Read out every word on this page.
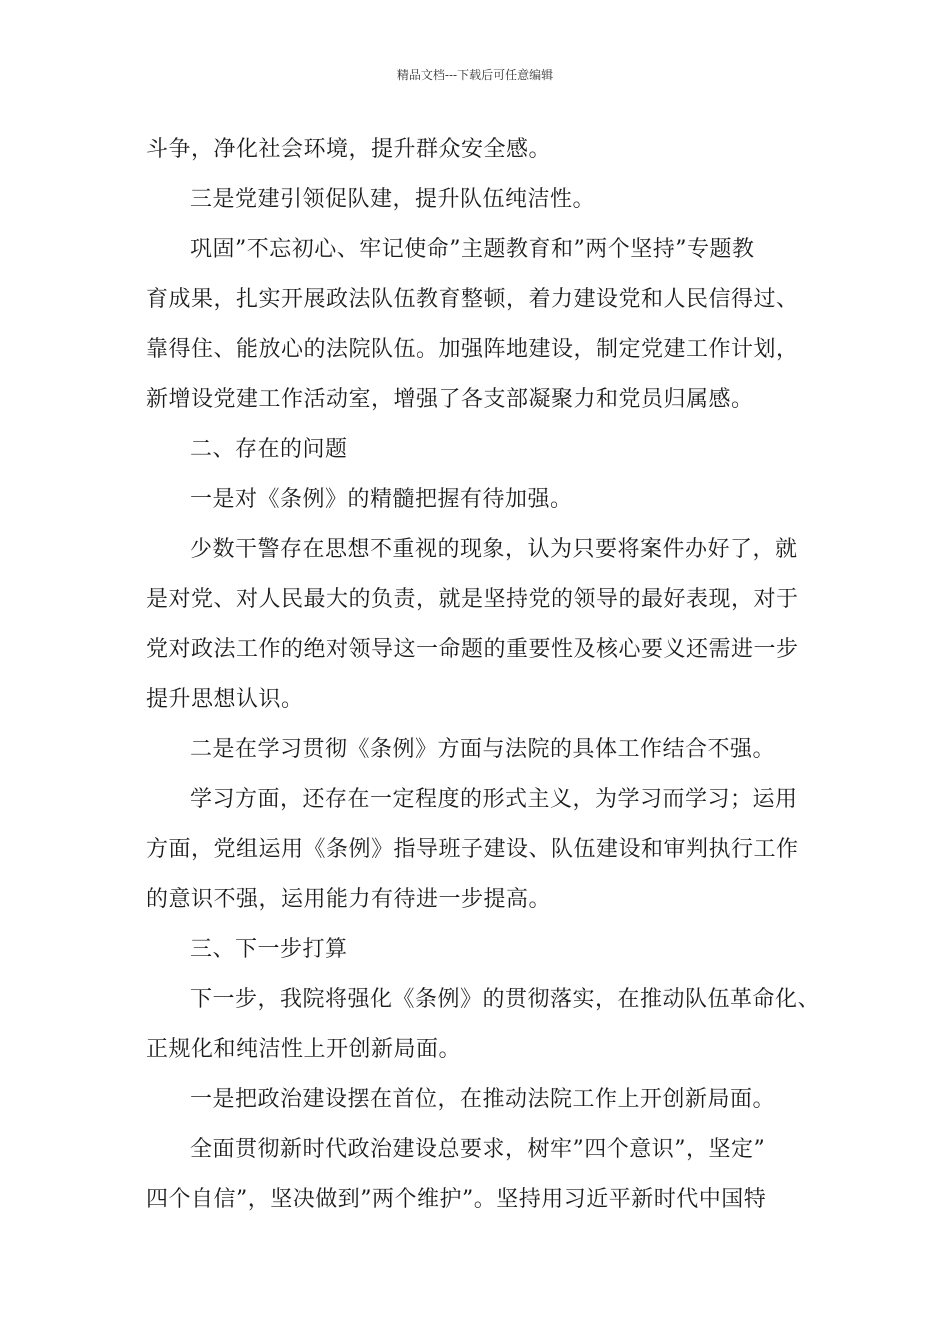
精品文档---下载后可任意编辑
斗争，净化社会环境，提升群众安全感。
三是党建引领促队建，提升队伍纯洁性。
巩固”不忘初心、牢记使命”主题教育和”两个坚持”专题教
育成果，扎实开展政法队伍教育整顿，着力建设党和人民信得过、
靠得住、能放心的法院队伍。加强阵地建设，制定党建工作计划，
新增设党建工作活动室，增强了各支部凝聚力和党员归属感。
二、存在的问题
一是对《条例》的精髓把握有待加强。
少数干警存在思想不重视的现象，认为只要将案件办好了，就
是对党、对人民最大的负责，就是坚持党的领导的最好表现，对于
党对政法工作的绝对领导这一命题的重要性及核心要义还需进一步
提升思想认识。
二是在学习贯彻《条例》方面与法院的具体工作结合不强。
学习方面，还存在一定程度的形式主义，为学习而学习；运用
方面，党组运用《条例》指导班子建设、队伍建设和审判执行工作
的意识不强，运用能力有待进一步提高。
三、下一步打算
下一步，我院将强化《条例》的贯彻落实，在推动队伍革命化、
正规化和纯洁性上开创新局面。
一是把政治建设摆在首位，在推动法院工作上开创新局面。
全面贯彻新时代政治建设总要求，树牢”四个意识”，坚定”
四个自信”，坚决做到”两个维护”。坚持用习近平新时代中国特
